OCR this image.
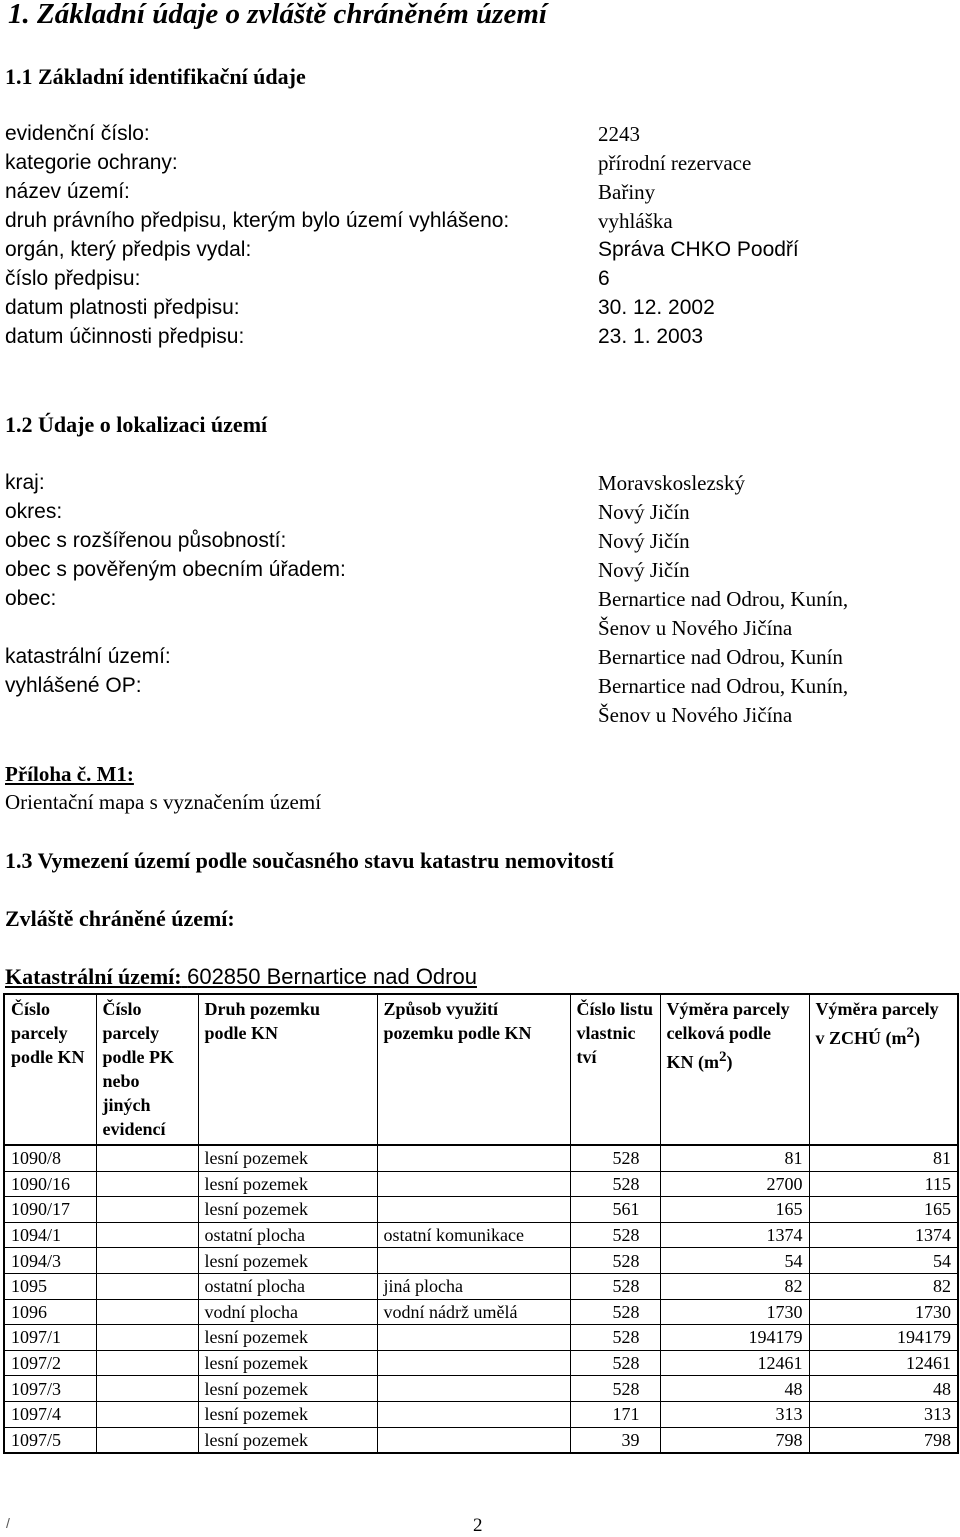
1. Základní údaje o zvláště chráněném území
1.1 Základní identifikační údaje
evidenční číslo:	2243
kategorie ochrany:	přírodní rezervace
název území:	Bařiny
druh právního předpisu, kterým bylo území vyhlášeno:	vyhláška
orgán, který předpis vydal:	Správa CHKO Poodří
číslo předpisu:	6
datum platnosti předpisu:	30. 12. 2002
datum účinnosti předpisu:	23. 1. 2003
1.2 Údaje o lokalizaci území
kraj:	Moravskoslezský
okres:	Nový Jičín
obec s rozšířenou působností:	Nový Jičín
obec s pověřeným obecním úřadem:	Nový Jičín
obec:	Bernartice nad Odrou, Kunín,
Šenov u Nového Jičína
katastrální území:	Bernartice nad Odrou, Kunín
vyhlášené OP:	Bernartice nad Odrou, Kunín,
Šenov u Nového Jičína
Příloha č. M1:
Orientační mapa s vyznačením území
1.3 Vymezení území podle současného stavu katastru nemovitostí
Zvláště chráněné území:
Katastrální území: 602850 Bernartice nad Odrou
Číslo parcely podle KN	Číslo parcely podle PK nebo jiných evidencí	Druh pozemku podle KN	Způsob využití pozemku podle KN	Číslo listu vlastnic tví	Výměra parcely celková podle KN $(m^2)$	Výměra parcely v ZCHÚ $(m^2)$
1090/8		lesní pozemek		528	81	81
1090/16		lesní pozemek		528	2700	115
1090/17		lesní pozemek		561	165	165
1094/1		ostatní plocha	ostatní komunikace	528	1374	1374
1094/3		lesní pozemek		528	54	54
1095		ostatní plocha	jiná plocha	528	82	82
1096		vodní plocha	vodní nádrž umělá	528	1730	1730
1097/1		lesní pozemek		528	194179	194179
1097/2		lesní pozemek		528	12461	12461
1097/3		lesní pozemek		528	48	48
1097/4		lesní pozemek		171	313	313
1097/5		lesní pozemek		39	798	798
/	2
